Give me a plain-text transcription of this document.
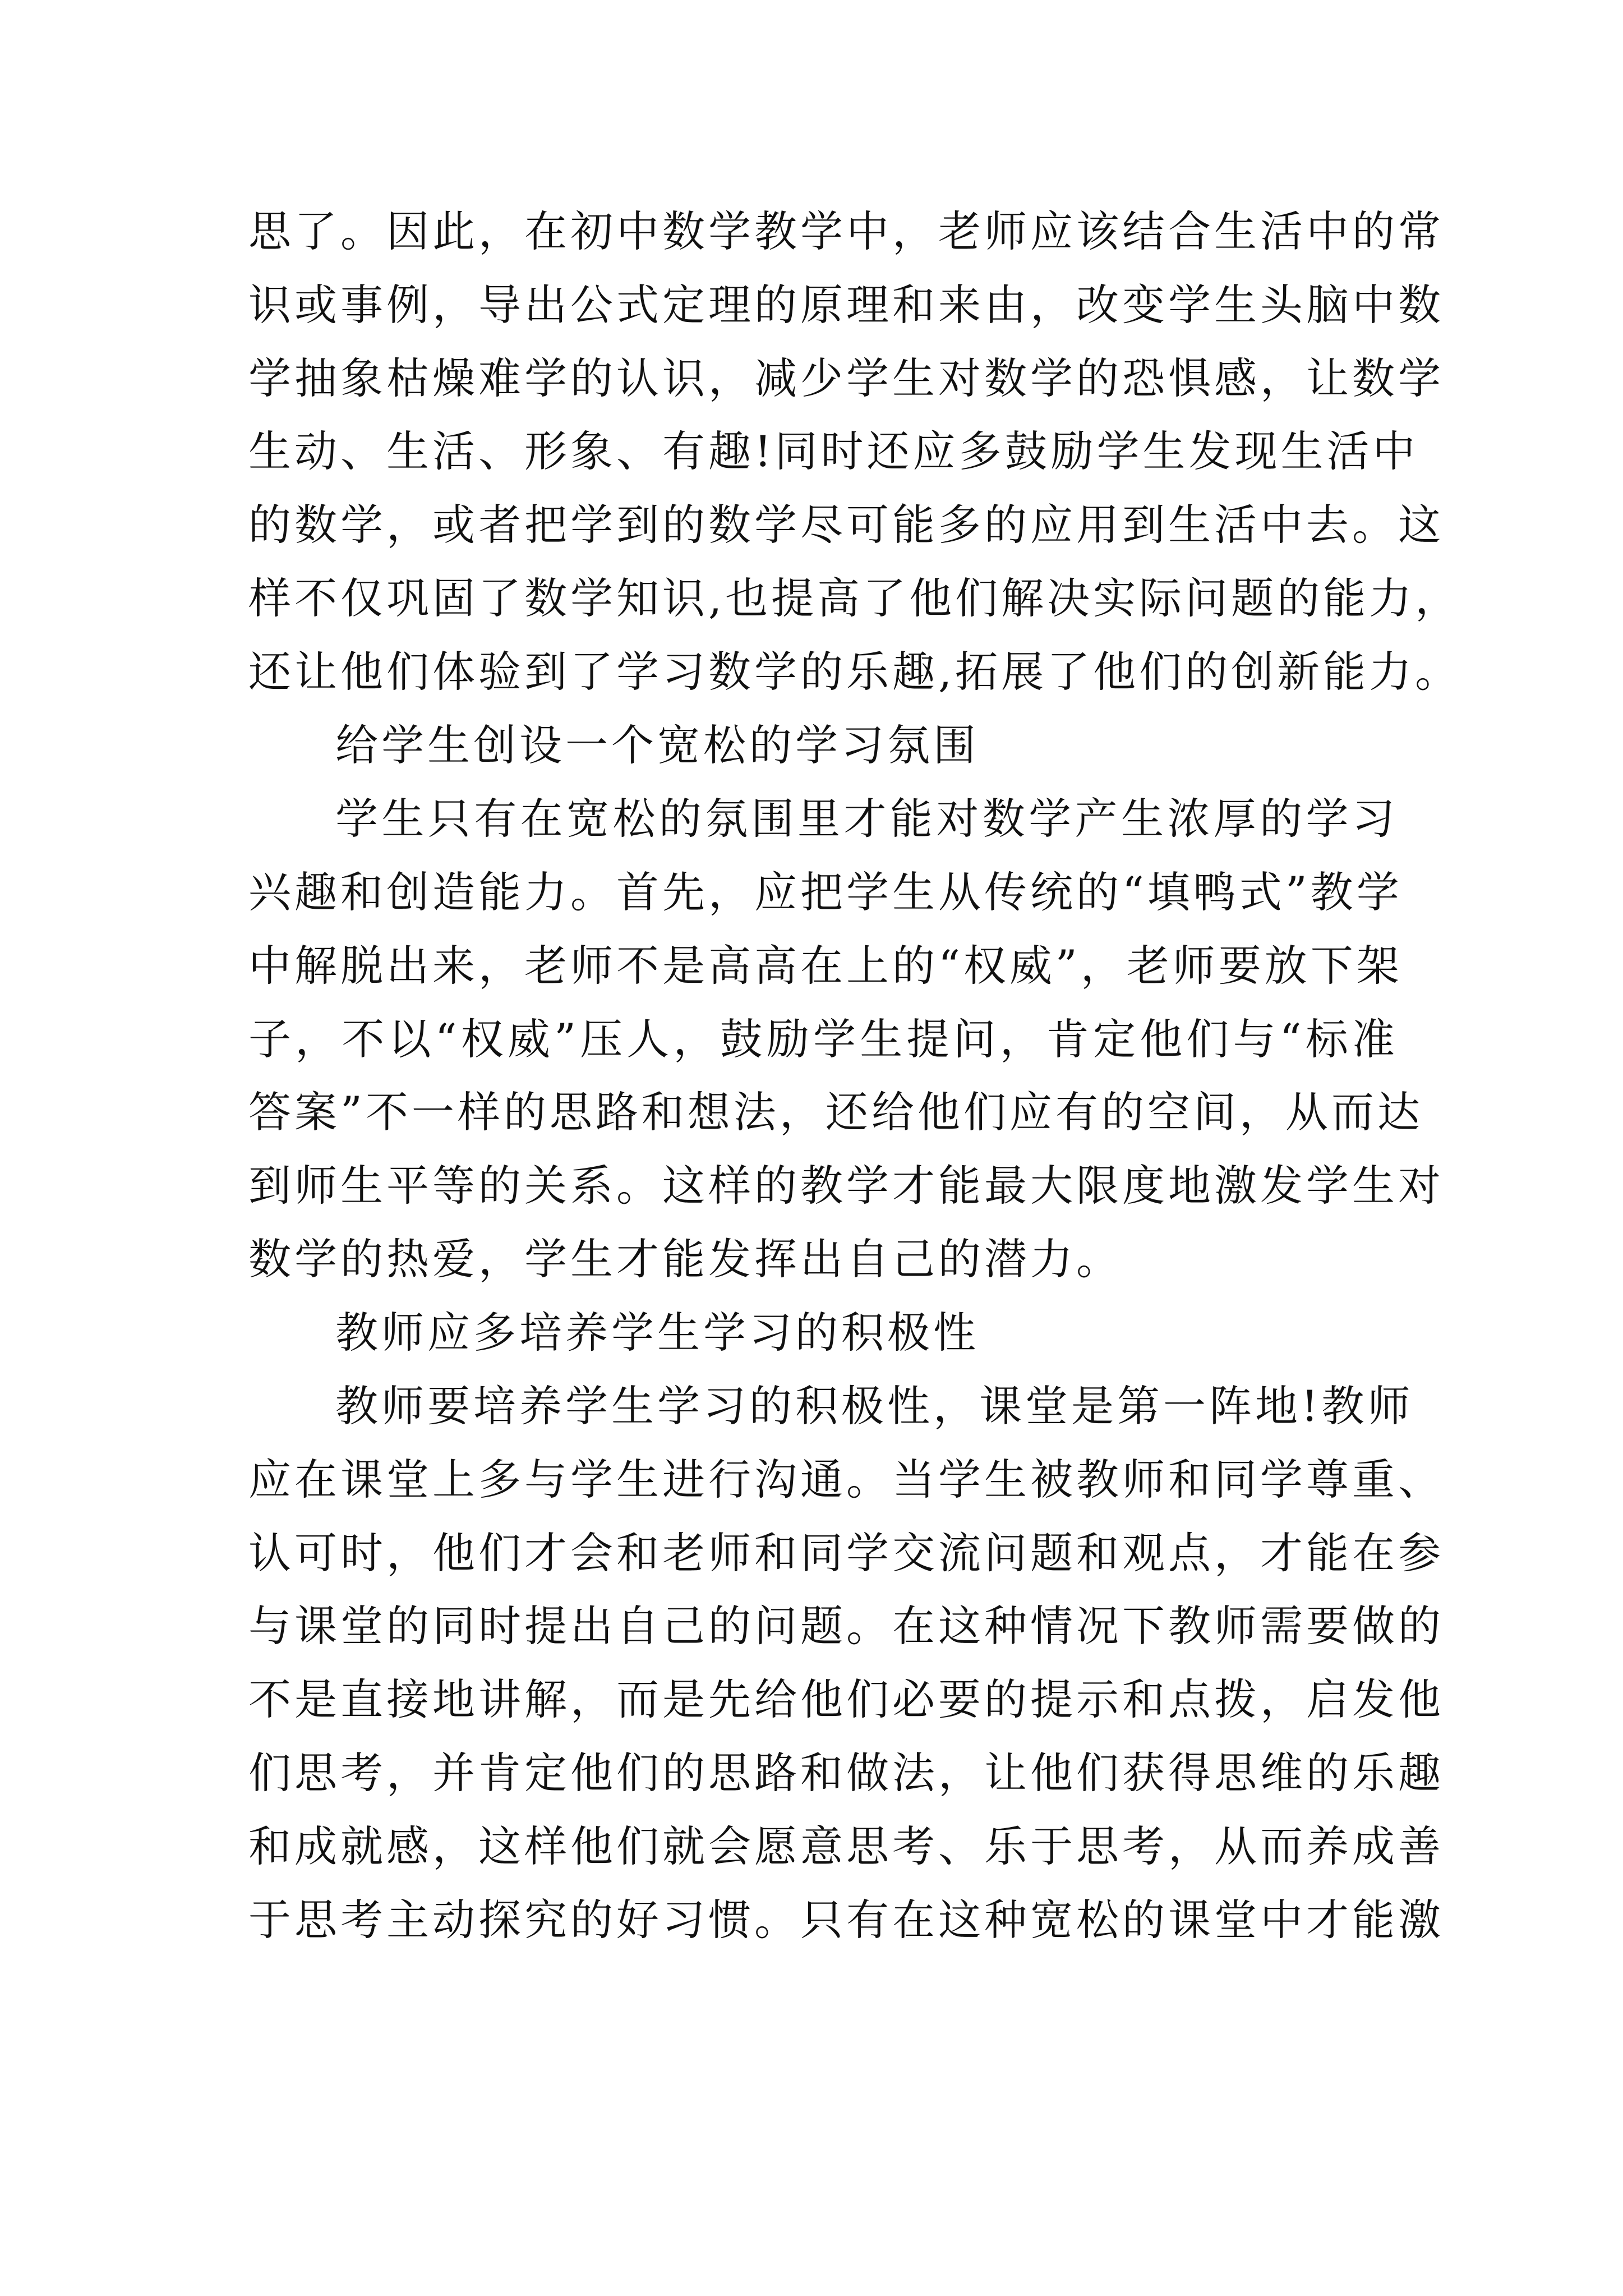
思了。因此，在初中数学教学中，老师应该结合生活中的常
识或事例，导出公式定理的原理和来由，改变学生头脑中数
学抽象枯燥难学的认识，减少学生对数学的恐惧感，让数学
生动、生活、形象、有趣!同时还应多鼓励学生发现生活中
的数学，或者把学到的数学尽可能多的应用到生活中去。这
样不仅巩固了数学知识,也提高了他们解决实际问题的能力，
还让他们体验到了学习数学的乐趣,拓展了他们的创新能力。
给学生创设一个宽松的学习氛围
学生只有在宽松的氛围里才能对数学产生浓厚的学习
兴趣和创造能力。首先，应把学生从传统的“填鸭式”教学
中解脱出来，老师不是高高在上的“权威”，老师要放下架
子，不以“权威”压人，鼓励学生提问，肯定他们与“标准
答案”不一样的思路和想法，还给他们应有的空间，从而达
到师生平等的关系。这样的教学才能最大限度地激发学生对
数学的热爱，学生才能发挥出自己的潜力。
教师应多培养学生学习的积极性
教师要培养学生学习的积极性，课堂是第一阵地!教师
应在课堂上多与学生进行沟通。当学生被教师和同学尊重、
认可时，他们才会和老师和同学交流问题和观点，才能在参
与课堂的同时提出自己的问题。在这种情况下教师需要做的
不是直接地讲解，而是先给他们必要的提示和点拨，启发他
们思考，并肯定他们的思路和做法，让他们获得思维的乐趣
和成就感，这样他们就会愿意思考、乐于思考，从而养成善
于思考主动探究的好习惯。只有在这种宽松的课堂中才能激
